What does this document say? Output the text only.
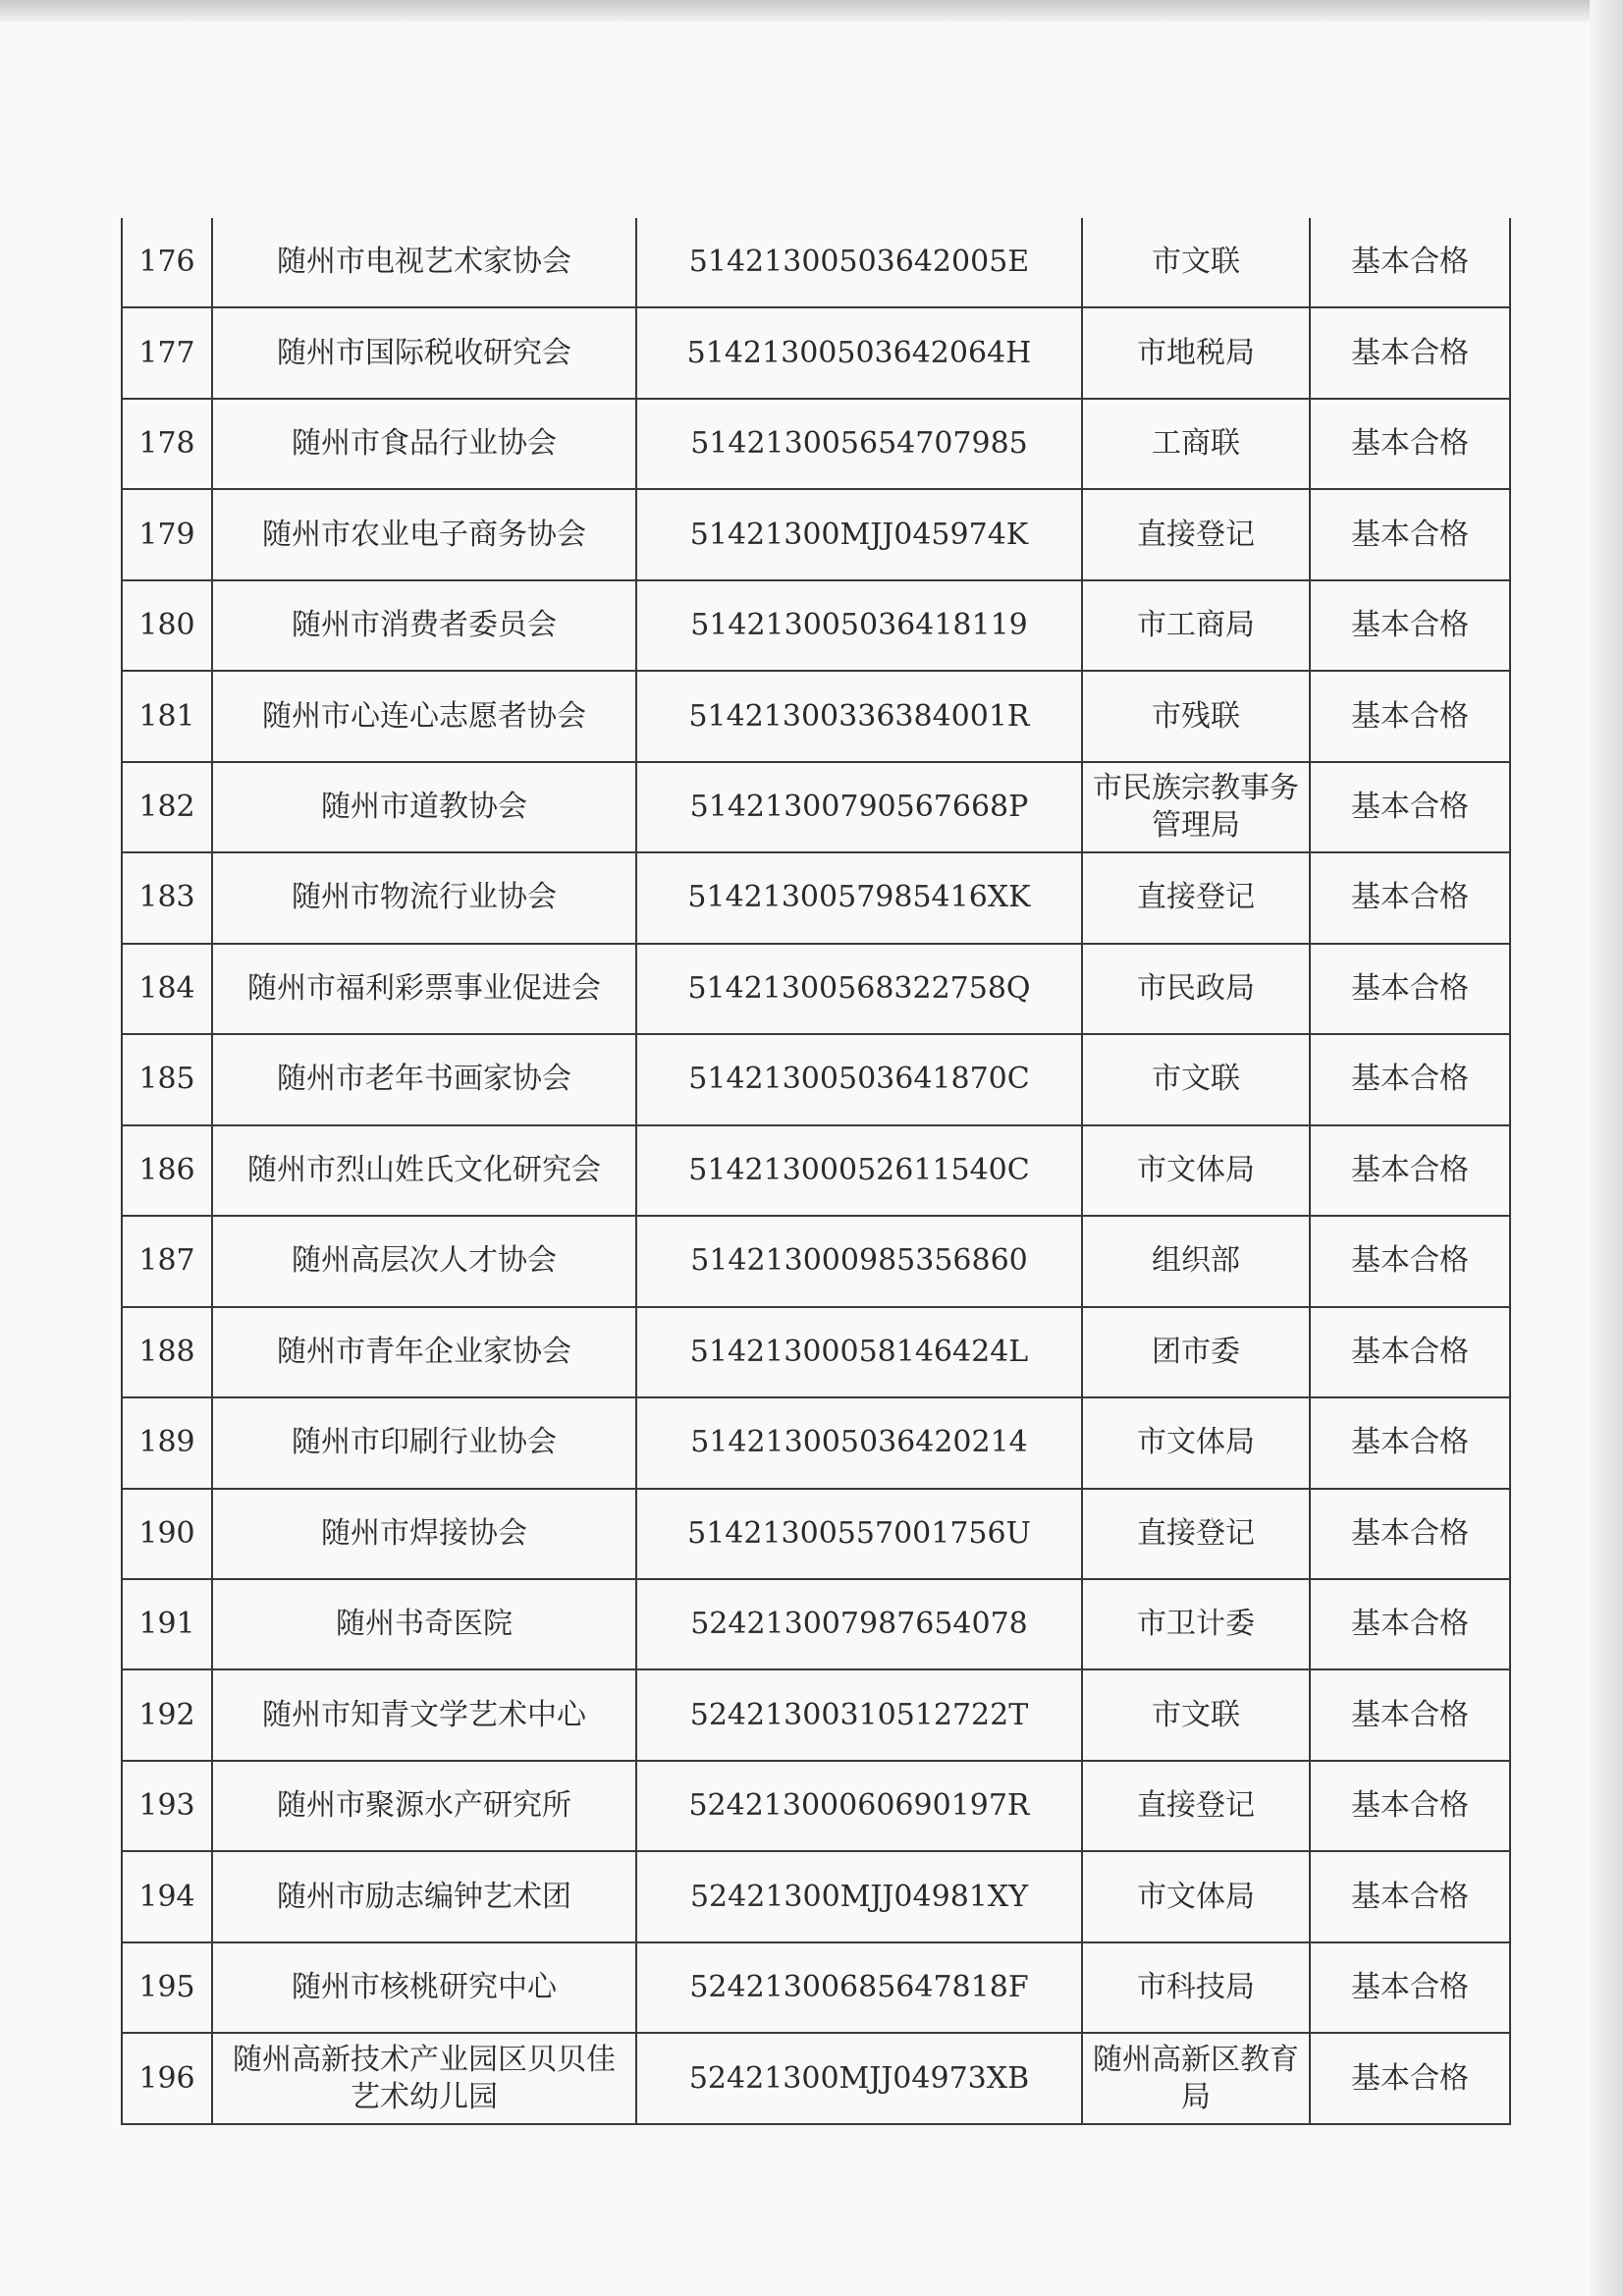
176	随州市电视艺术家协会	51421300503642005E	市文联	基本合格
177	随州市国际税收研究会	51421300503642064H	市地税局	基本合格
178	随州市食品行业协会	514213005654707985	工商联	基本合格
179	随州市农业电子商务协会	51421300MJJ045974K	直接登记	基本合格
180	随州市消费者委员会	514213005036418119	市工商局	基本合格
181	随州市心连心志愿者协会	51421300336384001R	市残联	基本合格
182	随州市道教协会	51421300790567668P	市民族宗教事务管理局	基本合格
183	随州市物流行业协会	5142130057985416XK	直接登记	基本合格
184	随州市福利彩票事业促进会	51421300568322758Q	市民政局	基本合格
185	随州市老年书画家协会	51421300503641870C	市文联	基本合格
186	随州市烈山姓氏文化研究会	51421300052611540C	市文体局	基本合格
187	随州高层次人才协会	514213000985356860	组织部	基本合格
188	随州市青年企业家协会	51421300058146424L	团市委	基本合格
189	随州市印刷行业协会	514213005036420214	市文体局	基本合格
190	随州市焊接协会	51421300557001756U	直接登记	基本合格
191	随州书奇医院	524213007987654078	市卫计委	基本合格
192	随州市知青文学艺术中心	52421300310512722T	市文联	基本合格
193	随州市聚源水产研究所	52421300060690197R	直接登记	基本合格
194	随州市励志编钟艺术团	52421300MJJ04981XY	市文体局	基本合格
195	随州市核桃研究中心	52421300685647818F	市科技局	基本合格
196	随州高新技术产业园区贝贝佳艺术幼儿园	52421300MJJ04973XB	随州高新区教育局	基本合格
